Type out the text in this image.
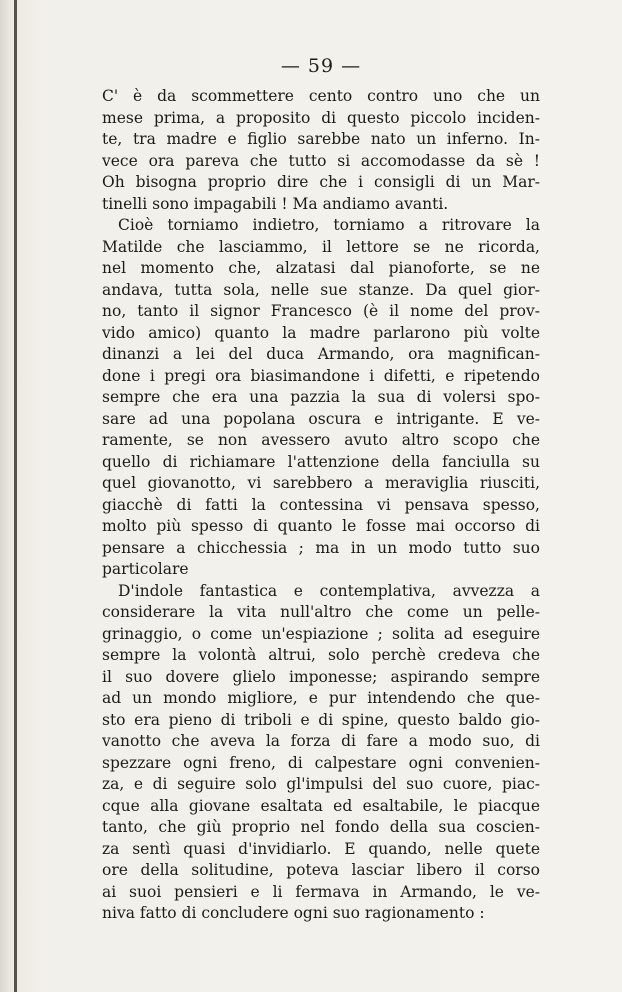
— 59 —
C' è da scommettere cento contro uno che un
mese prima, a proposito di questo piccolo inciden-
te, tra madre e figlio sarebbe nato un inferno. In-
vece ora pareva che tutto si accomodasse da sè !
Oh bisogna proprio dire che i consigli di un Mar-
tinelli sono impagabili ! Ma andiamo avanti.
Cioè torniamo indietro, torniamo a ritrovare la
Matilde che lasciammo, il lettore se ne ricorda,
nel momento che, alzatasi dal pianoforte, se ne
andava, tutta sola, nelle sue stanze. Da quel gior-
no, tanto il signor Francesco (è il nome del prov-
vido amico) quanto la madre parlarono più volte
dinanzi a lei del duca Armando, ora magnifican-
done i pregi ora biasimandone i difetti, e ripetendo
sempre che era una pazzia la sua di volersi spo-
sare ad una popolana oscura e intrigante. E ve-
ramente, se non avessero avuto altro scopo che
quello di richiamare l'attenzione della fanciulla su
quel giovanotto, vi sarebbero a meraviglia riusciti,
giacchè di fatti la contessina vi pensava spesso,
molto più spesso di quanto le fosse mai occorso di
pensare a chicchessia ; ma in un modo tutto suo
particolare
D'indole fantastica e contemplativa, avvezza a
considerare la vita null'altro che come un pelle-
grinaggio, o come un'espiazione ; solita ad eseguire
sempre la volontà altrui, solo perchè credeva che
il suo dovere glielo imponesse; aspirando sempre
ad un mondo migliore, e pur intendendo che que-
sto era pieno di triboli e di spine, questo baldo gio-
vanotto che aveva la forza di fare a modo suo, di
spezzare ogni freno, di calpestare ogni convenien-
za, e di seguire solo gl'impulsi del suo cuore, piac-
cque alla giovane esaltata ed esaltabile, le piacque
tanto, che giù proprio nel fondo della sua coscien-
za sentì quasi d'invidiarlo. E quando, nelle quete
ore della solitudine, poteva lasciar libero il corso
ai suoi pensieri e li fermava in Armando, le ve-
niva fatto di concludere ogni suo ragionamento :
